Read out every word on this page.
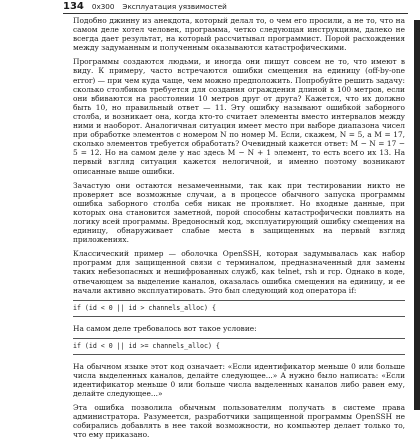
134 0x300 Эксплуатация уязвимостей

Подобно джинну из анекдота, который делал то, о чем его просили, а не то, что на самом деле хотел человек, программа, четко следующая инструкциям, далеко не всегда дает результат, на который рассчитывал программист. Порой расхождения между задуманным и полученным оказываются катастрофическими.

Программы создаются людьми, и иногда они пишут совсем не то, что имеют в виду. К примеру, часто встречаются ошибки смещения на единицу (off-by-one error) — при чем куда чаще, чем можно предположить. Попробуйте решить задачу: сколько столбиков требуется для создания ограждения длиной в 100 метров, если они вбиваются на расстоянии 10 метров друг от друга? Кажется, что их должно быть 10, но правильный ответ — 11. Эту ошибку называют ошибкой заборного столба, и возникает она, когда кто-то считает элементы вместо интервалов между ними и наоборот. Аналогичная ситуация имеет место при выборе диапазона чисел при обработке элементов с номером N по номер M. Если, скажем, N = 5, а M = 17, сколько элементов требуется обработать? Очевидный кажется ответ: M − N = 17 − 5 = 12. Но на самом деле у нас здесь M − N + 1 элемент, то есть всего их 13. На первый взгляд ситуация кажется нелогичной, и именно поэтому возникают описанные выше ошибки.

Зачастую они остаются незамеченными, так как при тестировании никто не проверяет все возможные случаи, а в процессе обычного запуска программы ошибка заборного столба себя никак не проявляет. Но входные данные, при которых она становится заметной, порой способны катастрофически повлиять на логику всей программы. Вредоносный код, эксплуатирующий ошибку смещения на единицу, обнаруживает слабые места в защищенных на первый взгляд приложениях.

Классический пример — оболочка OpenSSH, которая задумывалась как набор программ для защищенной связи с терминалом, предназначенный для замены таких небезопасных и нешифрованных служб, как telnet, rsh и rcp. Однако в коде, отвечающем за выделение каналов, оказалась ошибка смещения на единицу, и ее начали активно эксплуатировать. Это был следующий код оператора if:

if (id < 0 || id > channels_alloc) {

На самом деле требовалось вот такое условие:

if (id < 0 || id >= channels_alloc) {

На обычном языке этот код означает: «Если идентификатор меньше 0 или больше числа выделенных каналов, делайте следующее...» А нужно было написать: «Если идентификатор меньше 0 или больше числа выделенных каналов либо равен ему, делайте следующее...»

Эта ошибка позволила обычным пользователям получать в системе права администратора. Разумеется, разработчики защищенной программы OpenSSH не собирались добавлять в нее такой возможности, но компьютер делает только то, что ему приказано.
